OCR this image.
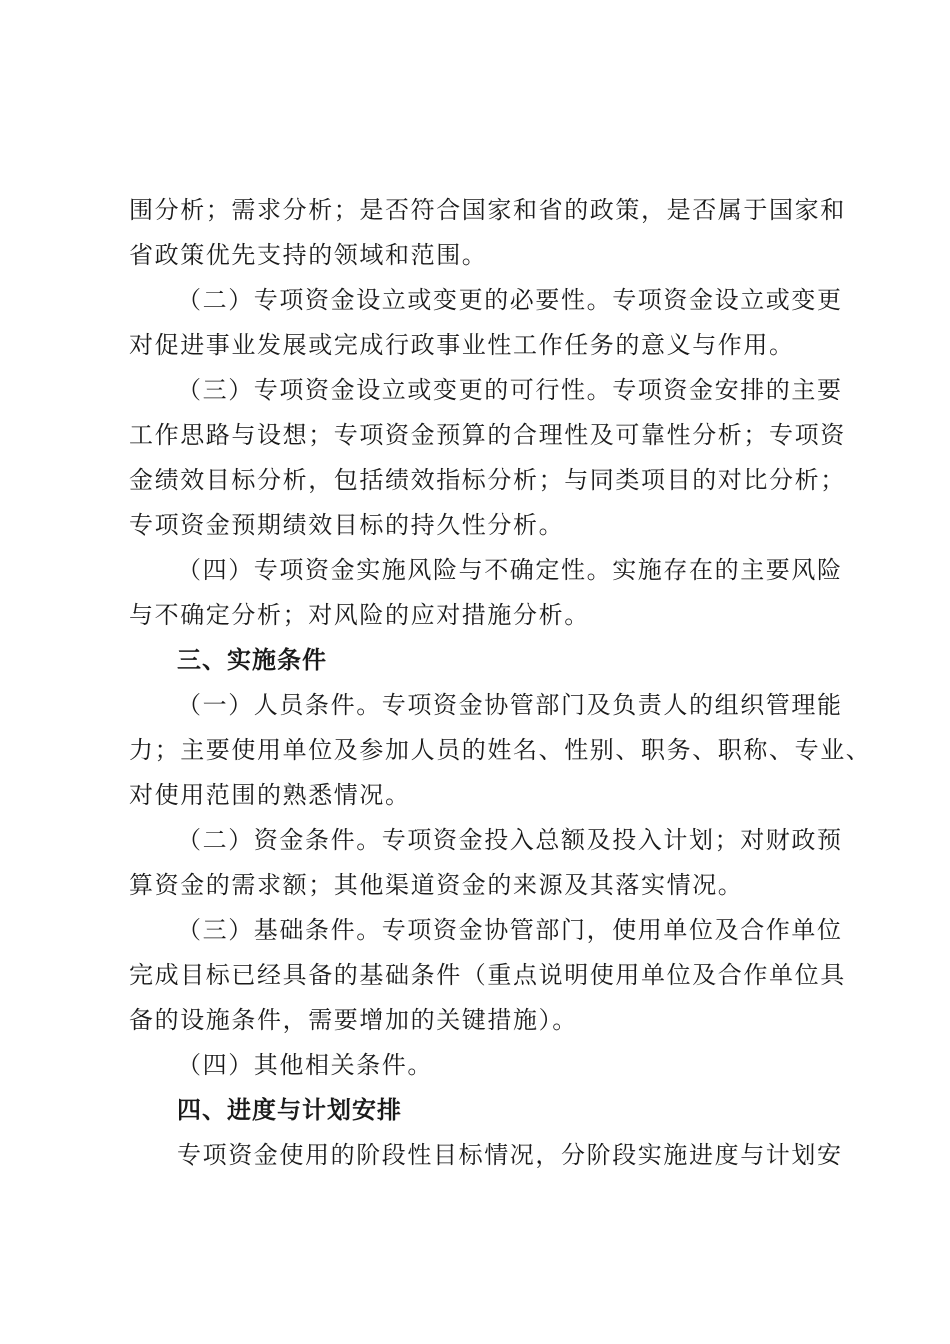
围分析；需求分析；是否符合国家和省的政策，是否属于国家和
省政策优先支持的领域和范围。
（二）专项资金设立或变更的必要性。专项资金设立或变更
对促进事业发展或完成行政事业性工作任务的意义与作用。
（三）专项资金设立或变更的可行性。专项资金安排的主要
工作思路与设想；专项资金预算的合理性及可靠性分析；专项资
金绩效目标分析，包括绩效指标分析；与同类项目的对比分析；
专项资金预期绩效目标的持久性分析。
（四）专项资金实施风险与不确定性。实施存在的主要风险
与不确定分析；对风险的应对措施分析。
三、实施条件
（一）人员条件。专项资金协管部门及负责人的组织管理能
力；主要使用单位及参加人员的姓名、性别、职务、职称、专业、
对使用范围的熟悉情况。
（二）资金条件。专项资金投入总额及投入计划；对财政预
算资金的需求额；其他渠道资金的来源及其落实情况。
（三）基础条件。专项资金协管部门，使用单位及合作单位
完成目标已经具备的基础条件（重点说明使用单位及合作单位具
备的设施条件，需要增加的关键措施）。
（四）其他相关条件。
四、进度与计划安排
专项资金使用的阶段性目标情况，分阶段实施进度与计划安
